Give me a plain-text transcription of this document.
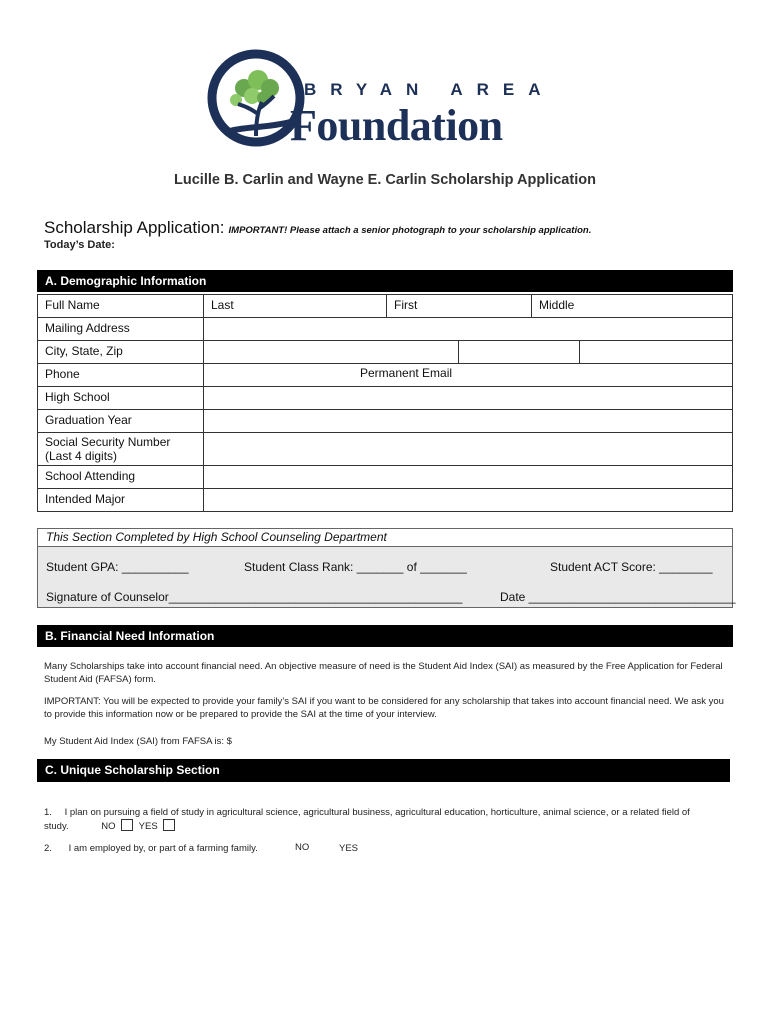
BRYAN AREA
Foundation
Lucille B. Carlin and Wayne E. Carlin Scholarship Application
Scholarship Application: IMPORTANT! Please attach a senior photograph to your scholarship application.
Today’s Date:
A. Demographic Information
Full Name	Last	First	Middle
Mailing Address
City, State, Zip
Phone	Permanent Email
High School
Graduation Year
Social Security Number
(Last 4 digits)
School Attending
Intended Major
This Section Completed by High School Counseling Department
Student GPA: __________	Student Class Rank: _______ of _______	Student ACT Score: ________
Signature of Counselor____________________________________________	Date _______________________________
B. Financial Need Information
Many Scholarships take into account financial need. An objective measure of need is the Student Aid Index (SAI) as measured by the Free Application for Federal Student Aid (FAFSA) form.
IMPORTANT: You will be expected to provide your family’s SAI if you want to be considered for any scholarship that takes into account financial need. We ask you to provide this information now or be prepared to provide the SAI at the time of your interview.
My Student Aid Index (SAI) from FAFSA is: $
C. Unique Scholarship Section
1. I plan on pursuing a field of study in agricultural science, agricultural business, agricultural education, horticulture, animal science, or a related field of
study.	NO YES
2. I am employed by, or part of a farming family.	NO	YES
